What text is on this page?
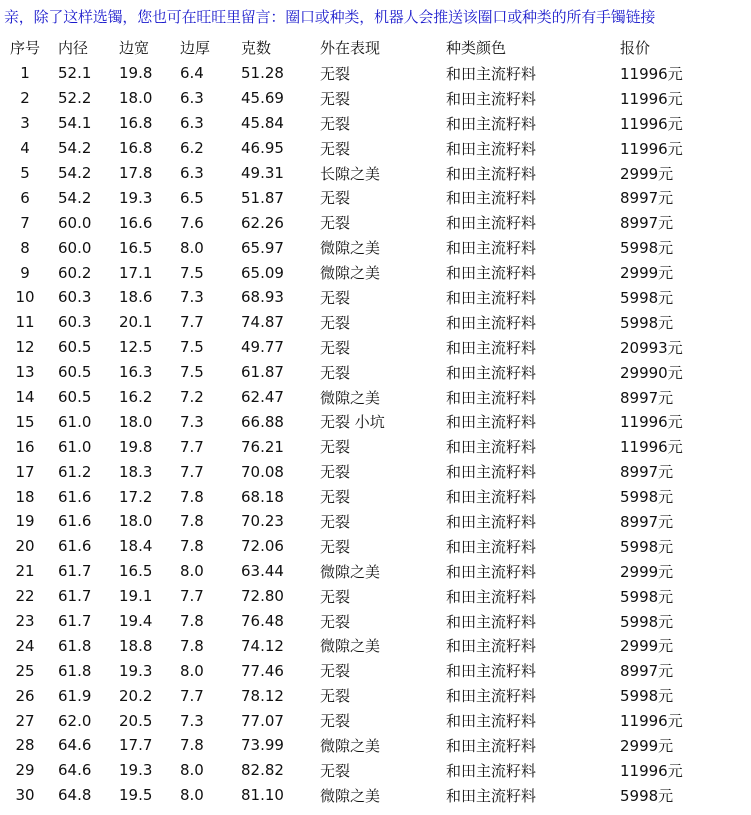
亲，除了这样选镯，您也可在旺旺里留言：圈口或种类，机器人会推送该圈口或种类的所有手镯链接
序号	内径	边宽	边厚	克数	外在表现	种类颜色	报价
1	52.1	19.8	6.4	51.28	无裂	和田主流籽料	11996元
2	52.2	18.0	6.3	45.69	无裂	和田主流籽料	11996元
3	54.1	16.8	6.3	45.84	无裂	和田主流籽料	11996元
4	54.2	16.8	6.2	46.95	无裂	和田主流籽料	11996元
5	54.2	17.8	6.3	49.31	长隙之美	和田主流籽料	2999元
6	54.2	19.3	6.5	51.87	无裂	和田主流籽料	8997元
7	60.0	16.6	7.6	62.26	无裂	和田主流籽料	8997元
8	60.0	16.5	8.0	65.97	微隙之美	和田主流籽料	5998元
9	60.2	17.1	7.5	65.09	微隙之美	和田主流籽料	2999元
10	60.3	18.6	7.3	68.93	无裂	和田主流籽料	5998元
11	60.3	20.1	7.7	74.87	无裂	和田主流籽料	5998元
12	60.5	12.5	7.5	49.77	无裂	和田主流籽料	20993元
13	60.5	16.3	7.5	61.87	无裂	和田主流籽料	29990元
14	60.5	16.2	7.2	62.47	微隙之美	和田主流籽料	8997元
15	61.0	18.0	7.3	66.88	无裂 小坑	和田主流籽料	11996元
16	61.0	19.8	7.7	76.21	无裂	和田主流籽料	11996元
17	61.2	18.3	7.7	70.08	无裂	和田主流籽料	8997元
18	61.6	17.2	7.8	68.18	无裂	和田主流籽料	5998元
19	61.6	18.0	7.8	70.23	无裂	和田主流籽料	8997元
20	61.6	18.4	7.8	72.06	无裂	和田主流籽料	5998元
21	61.7	16.5	8.0	63.44	微隙之美	和田主流籽料	2999元
22	61.7	19.1	7.7	72.80	无裂	和田主流籽料	5998元
23	61.7	19.4	7.8	76.48	无裂	和田主流籽料	5998元
24	61.8	18.8	7.8	74.12	微隙之美	和田主流籽料	2999元
25	61.8	19.3	8.0	77.46	无裂	和田主流籽料	8997元
26	61.9	20.2	7.7	78.12	无裂	和田主流籽料	5998元
27	62.0	20.5	7.3	77.07	无裂	和田主流籽料	11996元
28	64.6	17.7	7.8	73.99	微隙之美	和田主流籽料	2999元
29	64.6	19.3	8.0	82.82	无裂	和田主流籽料	11996元
30	64.8	19.5	8.0	81.10	微隙之美	和田主流籽料	5998元
